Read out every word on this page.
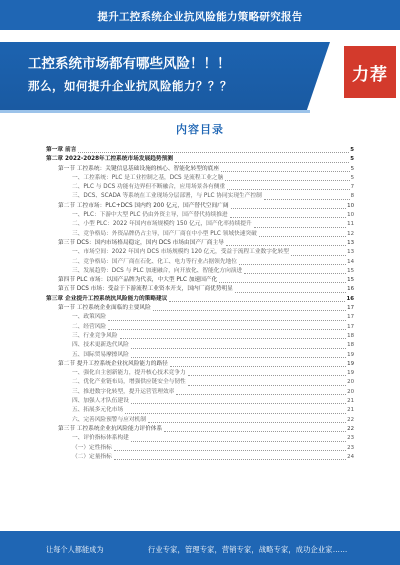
提升工控系统企业抗风险能力策略研究报告
工控系统市场都有哪些风险！！！
那么，如何提升企业抗风险能力？？？
力荐
内容目录
第一章 前言	5
第二章 2022-2028年工控系统市场发展趋势预测	5
第一节 工控系统：关键信息基础设施的核心、智能化转型的底座	5
一、工控系统：PLC 是工业控制之基，DCS 是流程工业之脑	5
二、PLC 与 DCS 功能有边界但不断融合，应用场景各有侧重	7
三、DCS、SCADA 等系统在工业现场分层部署，与 PLC 协同实现生产控制	8
第二节 工控市场：PLC+DCS 国内约 200 亿元，国产替代空间广阔	10
一、PLC：下游中大型 PLC 仍由外资主导，国产替代持续推进	10
二、小型 PLC：2022 年国内市场规模约 150 亿元，国产化率持续提升	11
三、竞争格局：外资品牌仍占主导，国产厂商在中小型 PLC 领域快速突破	12
第三节 DCS：国内市场格局稳定，国内 DCS 市场由国产厂商主导	13
一、市场空间：2022 年国内 DCS 市场规模约 120 亿元，受益于流程工业数字化转型	13
二、竞争格局：国产厂商在石化、化工、电力等行业占据领先地位	14
三、发展趋势：DCS 与 PLC 加速融合，向开放化、智能化方向演进	15
第四节 PLC 市场：以国产品牌为代表，中大型 PLC 加速国产化	15
第五节 DCS 市场：受益于下游流程工业资本开支，国内厂商优势明显	16
第三章 企业提升工控系统抗风险能力的策略建议	16
第一节 工控系统企业面临的主要风险	17
一、政策风险	17
二、经营风险	17
三、行业竞争风险	18
四、技术更新迭代风险	18
五、国际贸易摩擦风险	19
第二节 提升工控系统企业抗风险能力的路径	19
一、强化自主创新能力，提升核心技术竞争力	19
二、优化产业链布局，增强供应链安全与韧性	20
三、推进数字化转型，提升运营管理效率	20
四、加强人才队伍建设	21
五、拓展多元化市场	21
六、完善风险预警与应对机制	22
第三节 工控系统企业抗风险能力评价体系	22
一、评价指标体系构建	23
（一）定性指标	23
（二）定量指标	24
让每个人都能成为	行业专家，管理专家，营销专家，战略专家，成功企业家……
